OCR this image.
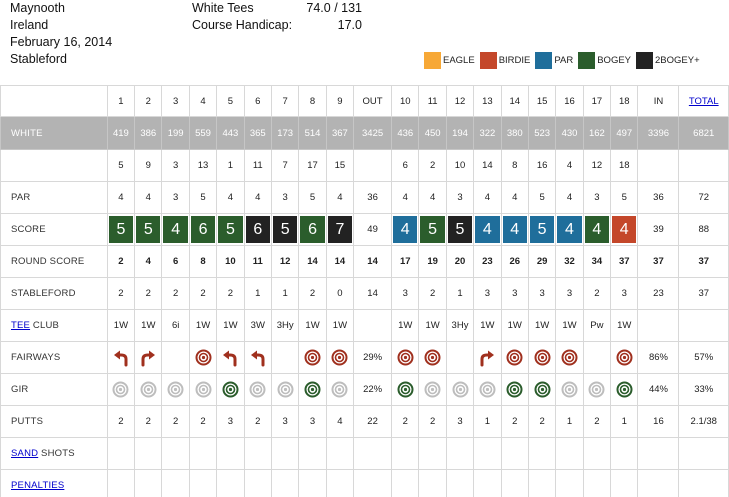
Maynooth
Ireland
February 16, 2014
Stableford
White Tees	74.0 / 131
Course Handicap:	17.0
EAGLE	BIRDIE	PAR	BOGEY	2BOGEY+
	1	2	3	4	5	6	7	8	9	OUT	10	11	12	13	14	15	16	17	18	IN	TOTAL
WHITE	419	386	199	559	443	365	173	514	367	3425	436	450	194	322	380	523	430	162	497	3396	6821
	5	9	3	13	1	11	7	17	15		6	2	10	14	8	16	4	12	18		
PAR	4	4	3	5	4	4	3	5	4	36	4	4	3	4	4	5	4	3	5	36	72
SCORE	5	5	4	6	5	6	5	6	7	49	4	5	5	4	4	5	4	4	4	39	88
ROUND SCORE	2	4	6	8	10	11	12	14	14	14	17	19	20	23	26	29	32	34	37	37	37
STABLEFORD	2	2	2	2	2	1	1	2	0	14	3	2	1	3	3	3	3	2	3	23	37
TEE CLUB	1W	1W	6i	1W	1W	3W	3Hy	1W	1W		1W	1W	3Hy	1W	1W	1W	1W	Pw	1W		
FAIRWAYS										29%										86%	57%
GIR										22%										44%	33%
PUTTS	2	2	2	2	3	2	3	3	4	22	2	2	3	1	2	2	1	2	1	16	2.1/38
SAND SHOTS																					
PENALTIES																					
